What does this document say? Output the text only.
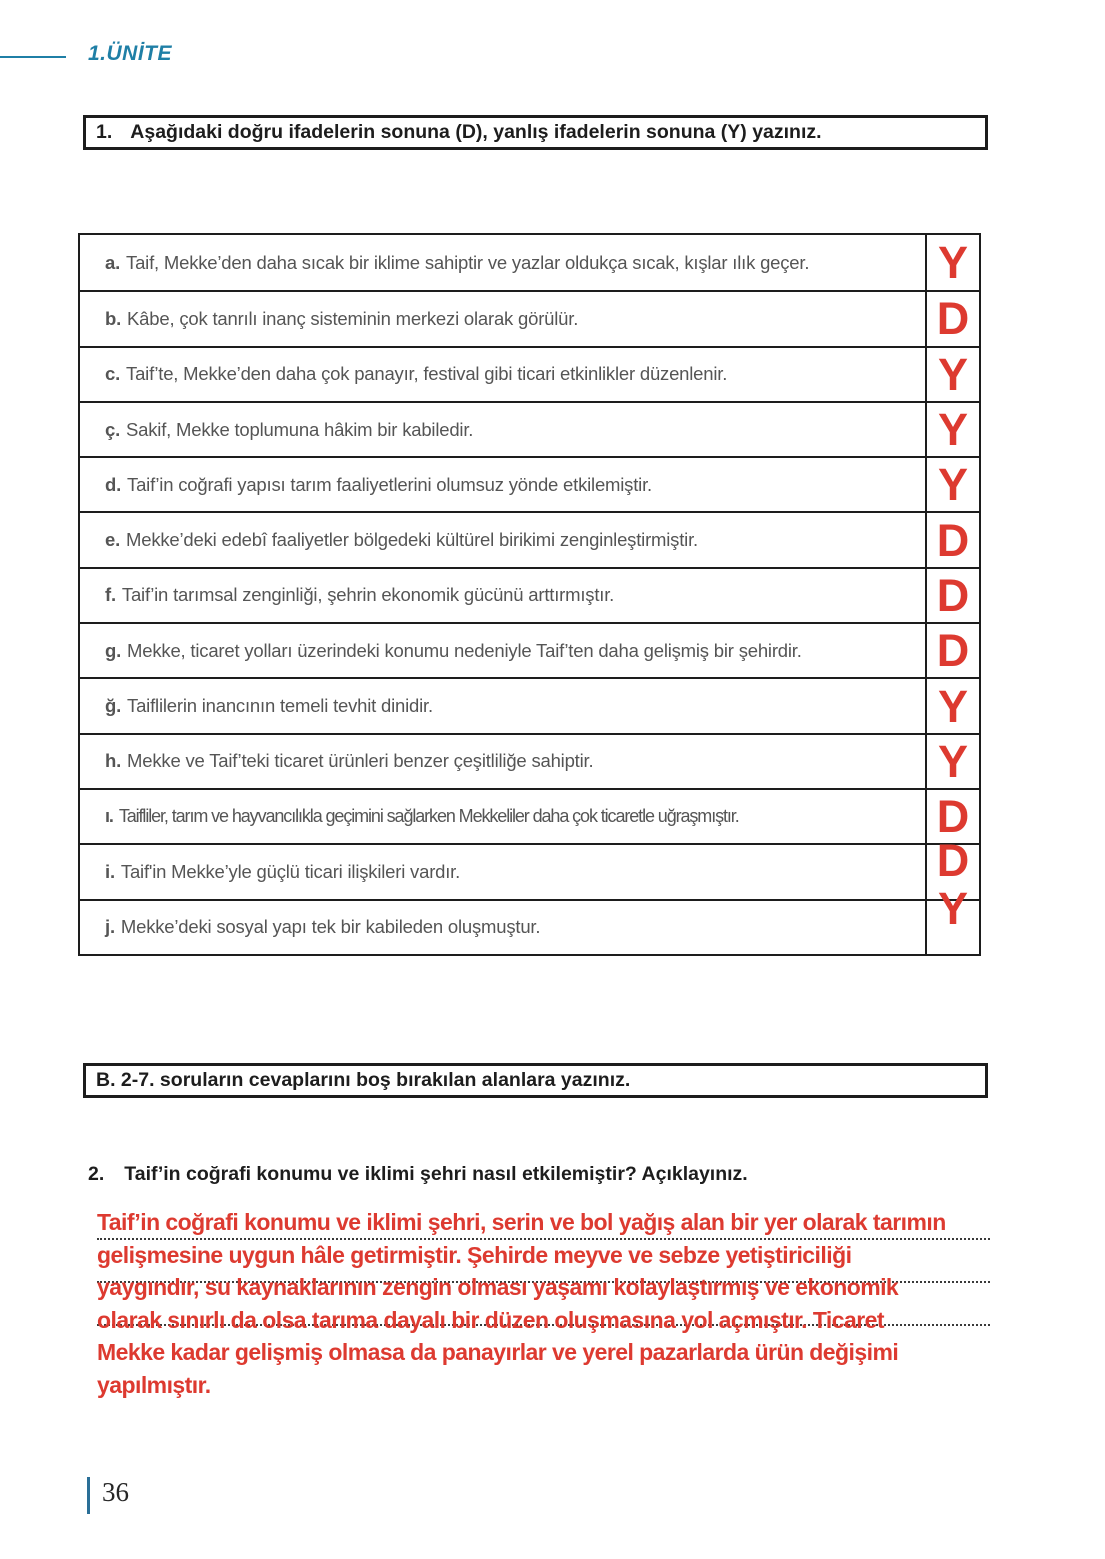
1.ÜNİTE
1. Aşağıdaki doğru ifadelerin sonuna (D), yanlış ifadelerin sonuna (Y) yazınız.
a. Taif, Mekke’den daha sıcak bir iklime sahiptir ve yazlar oldukça sıcak, kışlar ılık geçer.	Y
b. Kâbe, çok tanrılı inanç sisteminin merkezi olarak görülür.	D
c. Taif’te, Mekke’den daha çok panayır, festival gibi ticari etkinlikler düzenlenir.	Y
ç. Sakif, Mekke toplumuna hâkim bir kabiledir.	Y
d. Taif’in coğrafi yapısı tarım faaliyetlerini olumsuz yönde etkilemiştir.	Y
e. Mekke’deki edebî faaliyetler bölgedeki kültürel birikimi zenginleştirmiştir.	D
f. Taif’in tarımsal zenginliği, şehrin ekonomik gücünü arttırmıştır.	D
g. Mekke, ticaret yolları üzerindeki konumu nedeniyle Taif’ten daha gelişmiş bir şehirdir.	D
ğ. Taiflilerin inancının temeli tevhit dinidir.	Y
h. Mekke ve Taif’teki ticaret ürünleri benzer çeşitliliğe sahiptir.	Y
ı. Taifliler, tarım ve hayvancılıkla geçimini sağlarken Mekkeliler daha çok ticaretle uğraşmıştır.	D
i. Taif'in Mekke’yle güçlü ticari ilişkileri vardır.	D
j. Mekke’deki sosyal yapı tek bir kabileden oluşmuştur.	Y
B. 2-7. soruların cevaplarını boş bırakılan alanlara yazınız.
2. Taif’in coğrafi konumu ve iklimi şehri nasıl etkilemiştir? Açıklayınız.
Taif’in coğrafi konumu ve iklimi şehri, serin ve bol yağış alan bir yer olarak tarımın
gelişmesine uygun hâle getirmiştir. Şehirde meyve ve sebze yetiştiriciliği
yaygındır, su kaynaklarının zengin olması yaşamı kolaylaştırmış ve ekonomik
olarak sınırlı da olsa tarıma dayalı bir düzen oluşmasına yol açmıştır. Ticaret
Mekke kadar gelişmiş olmasa da panayırlar ve yerel pazarlarda ürün değişimi
yapılmıştır.
36
